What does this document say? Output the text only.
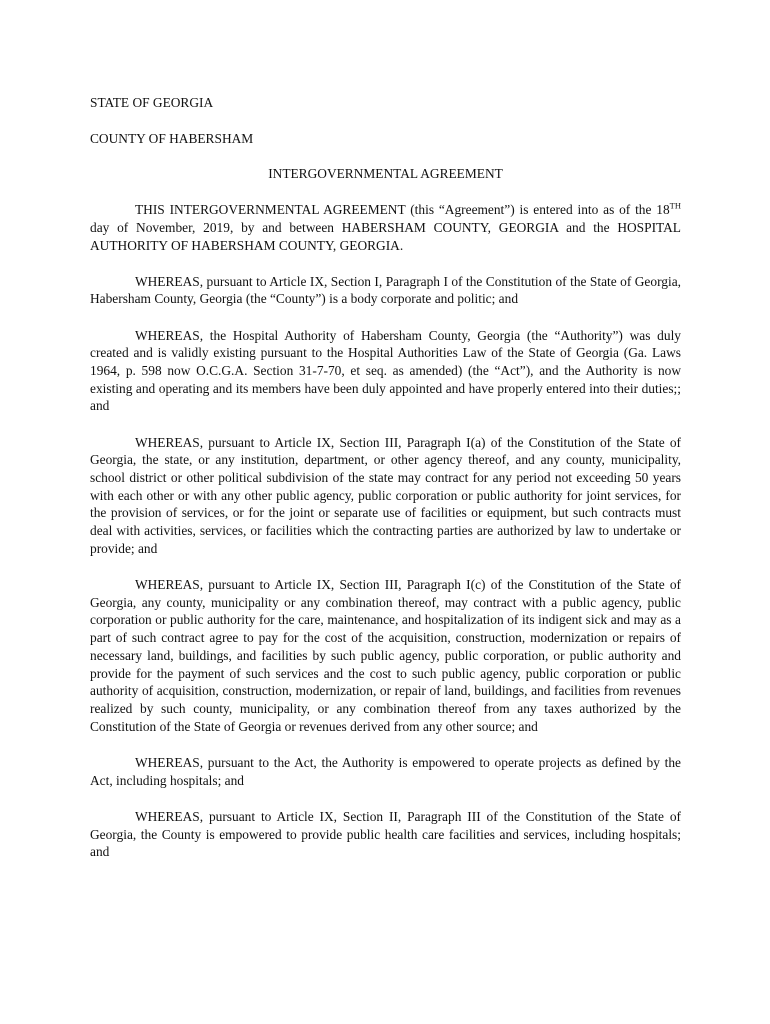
STATE OF GEORGIA

COUNTY OF HABERSHAM

INTERGOVERNMENTAL AGREEMENT

THIS INTERGOVERNMENTAL AGREEMENT (this “Agreement”) is entered into as of the 18TH day of November, 2019, by and between HABERSHAM COUNTY, GEORGIA and the HOSPITAL AUTHORITY OF HABERSHAM COUNTY, GEORGIA.

WHEREAS, pursuant to Article IX, Section I, Paragraph I of the Constitution of the State of Georgia, Habersham County, Georgia (the “County”) is a body corporate and politic; and

WHEREAS, the Hospital Authority of Habersham County, Georgia (the “Authority”) was duly created and is validly existing pursuant to the Hospital Authorities Law of the State of Georgia (Ga. Laws 1964, p. 598 now O.C.G.A. Section 31-7-70, et seq. as amended) (the “Act”), and the Authority is now existing and operating and its members have been duly appointed and have properly entered into their duties;; and

WHEREAS, pursuant to Article IX, Section III, Paragraph I(a) of the Constitution of the State of Georgia, the state, or any institution, department, or other agency thereof, and any county, municipality, school district or other political subdivision of the state may contract for any period not exceeding 50 years with each other or with any other public agency, public corporation or public authority for joint services, for the provision of services, or for the joint or separate use of facilities or equipment, but such contracts must deal with activities, services, or facilities which the contracting parties are authorized by law to undertake or provide; and

WHEREAS, pursuant to Article IX, Section III, Paragraph I(c) of the Constitution of the State of Georgia, any county, municipality or any combination thereof, may contract with a public agency, public corporation or public authority for the care, maintenance, and hospitalization of its indigent sick and may as a part of such contract agree to pay for the cost of the acquisition, construction, modernization or repairs of necessary land, buildings, and facilities by such public agency, public corporation, or public authority and provide for the payment of such services and the cost to such public agency, public corporation or public authority of acquisition, construction, modernization, or repair of land, buildings, and facilities from revenues realized by such county, municipality, or any combination thereof from any taxes authorized by the Constitution of the State of Georgia or revenues derived from any other source; and

WHEREAS, pursuant to the Act, the Authority is empowered to operate projects as defined by the Act, including hospitals; and

WHEREAS, pursuant to Article IX, Section II, Paragraph III of the Constitution of the State of Georgia, the County is empowered to provide public health care facilities and services, including hospitals; and
